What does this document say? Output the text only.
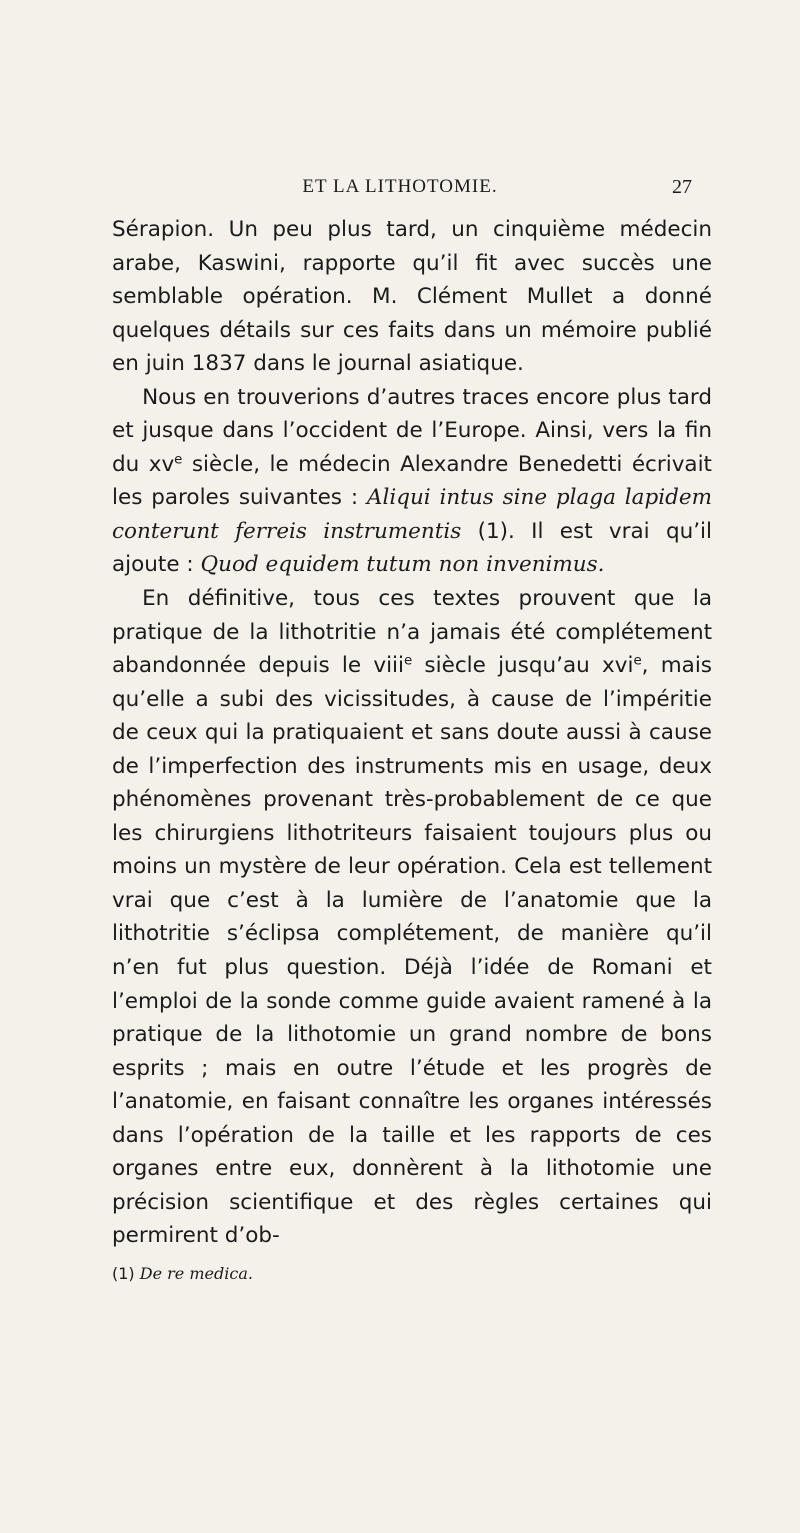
ET LA LITHOTOMIE.	27

Sérapion. Un peu plus tard, un cinquième médecin arabe, Kaswini, rapporte qu’il fit avec succès une semblable opération. M. Clément Mullet a donné quelques détails sur ces faits dans un mémoire publié en juin 1837 dans le journal asiatique.

Nous en trouverions d’autres traces encore plus tard et jusque dans l’occident de l’Europe. Ainsi, vers la fin du $xv^e$ siècle, le médecin Alexandre Benedetti écrivait les paroles suivantes : Aliqui intus sine plaga lapidem conterunt ferreis instrumentis (1). Il est vrai qu’il ajoute : Quod equidem tutum non invenimus.

En définitive, tous ces textes prouvent que la pratique de la lithotritie n’a jamais été complétement abandonnée depuis le viii$^e$ siècle jusqu’au xvi$^e$, mais qu’elle a subi des vicissitudes, à cause de l’impéritie de ceux qui la pratiquaient et sans doute aussi à cause de l’imperfection des instruments mis en usage, deux phénomènes provenant très-probablement de ce que les chirurgiens lithotriteurs faisaient toujours plus ou moins un mystère de leur opération. Cela est tellement vrai que c’est à la lumière de l’anatomie que la lithotritie s’éclipsa complétement, de manière qu’il n’en fut plus question. Déjà l’idée de Romani et l’emploi de la sonde comme guide avaient ramené à la pratique de la lithotomie un grand nombre de bons esprits ; mais en outre l’étude et les progrès de l’anatomie, en faisant connaître les organes intéressés dans l’opération de la taille et les rapports de ces organes entre eux, donnèrent à la lithotomie une précision scientifique et des règles certaines qui permirent d’ob-

(1) De re medica.
